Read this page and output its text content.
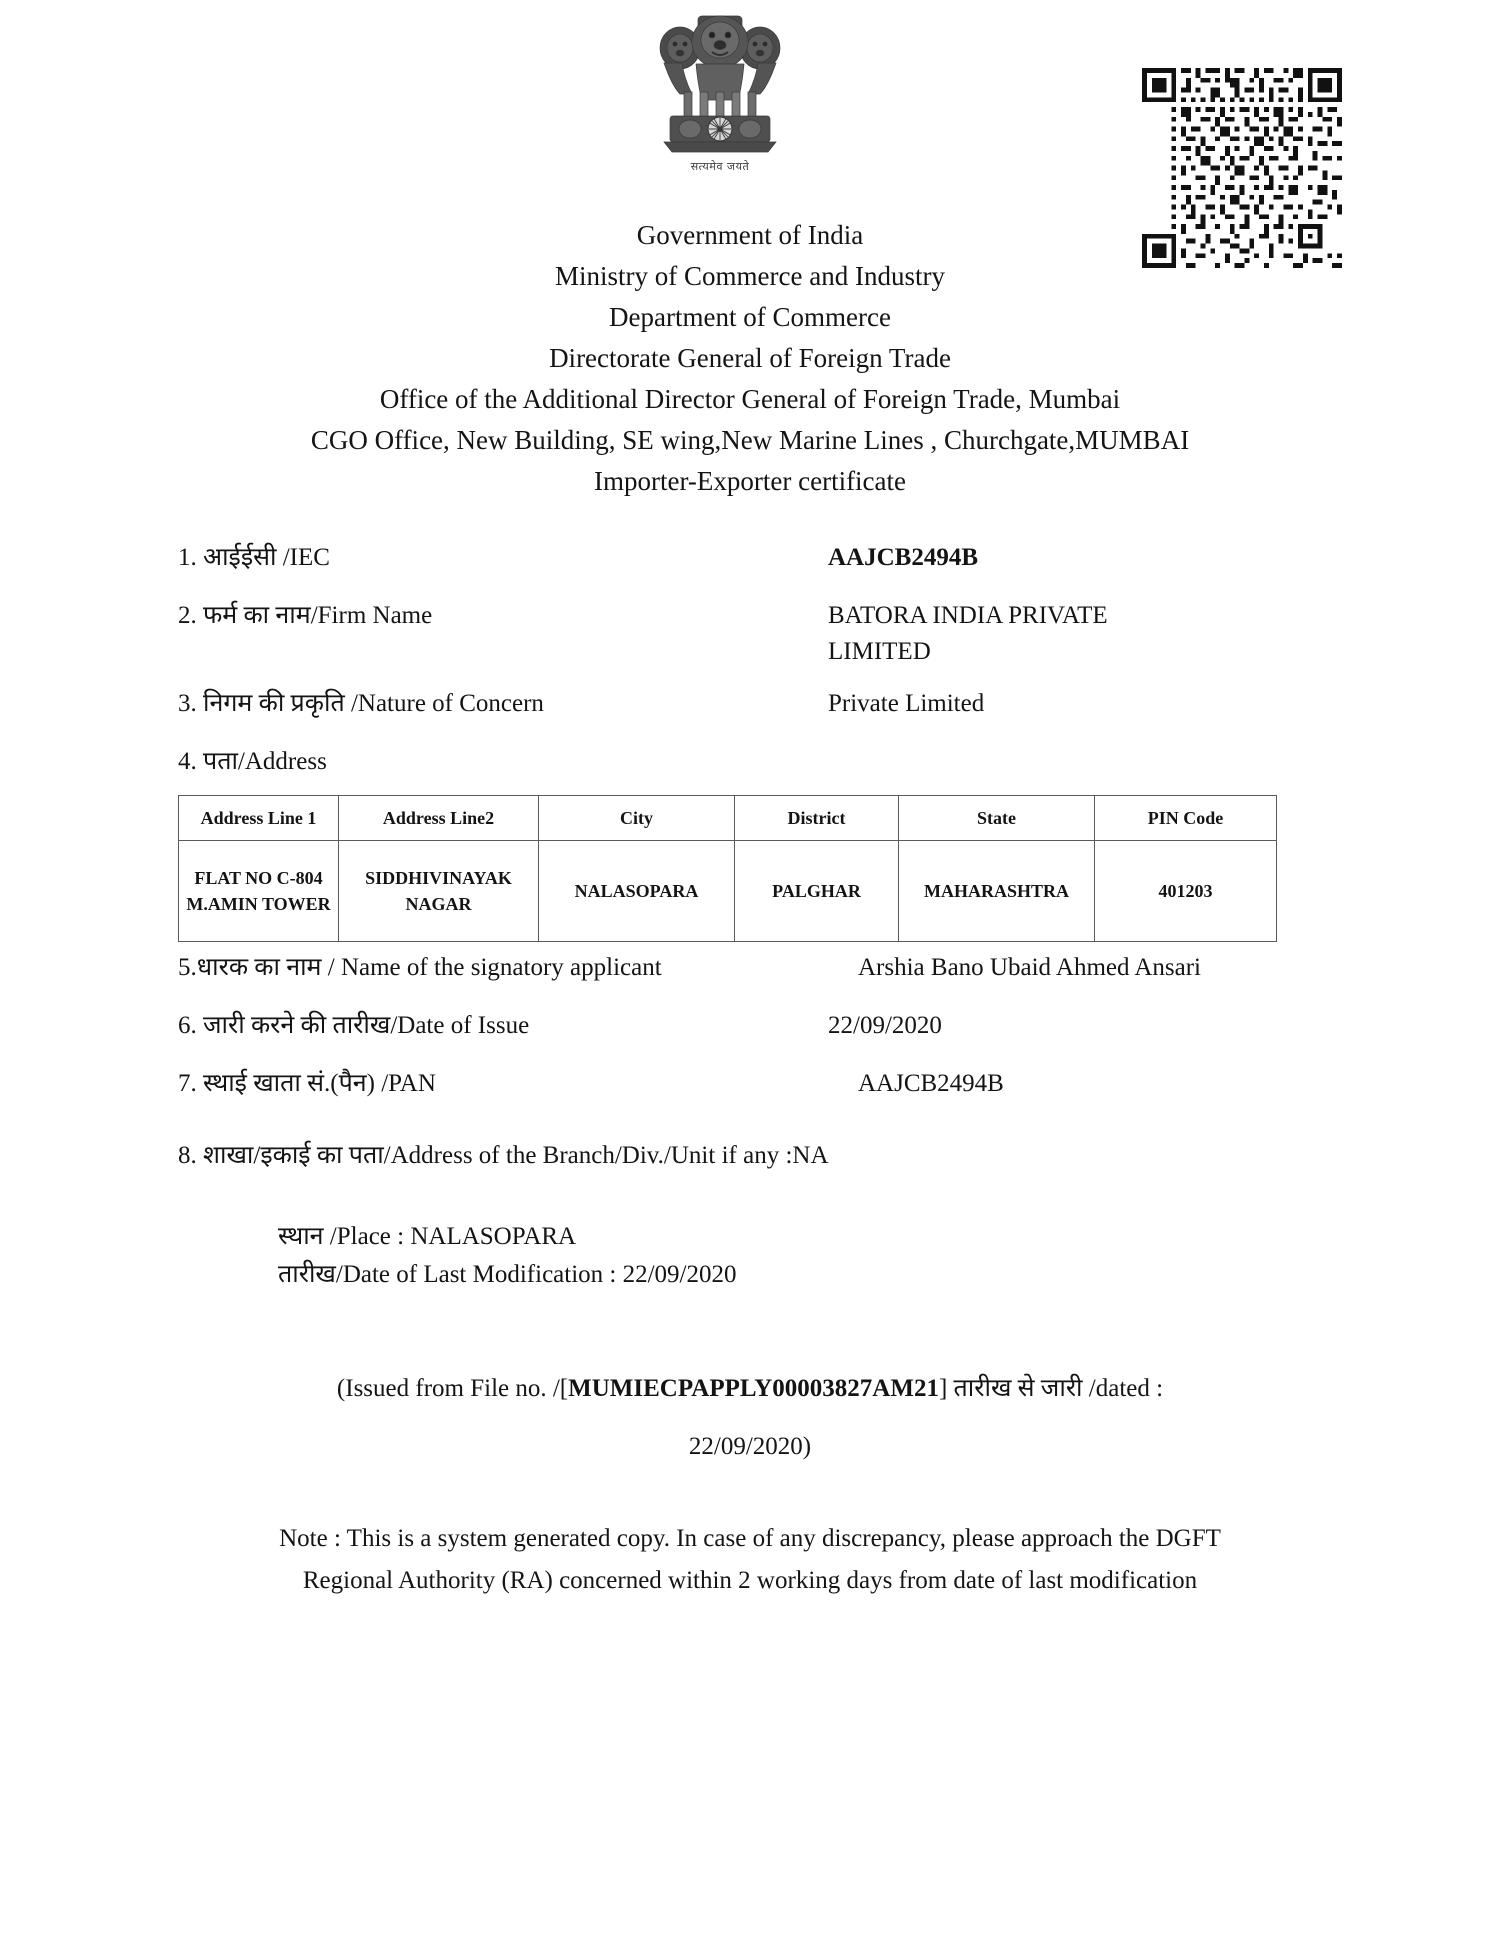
सत्यमेव जयते
Government of India
Ministry of Commerce and Industry
Department of Commerce
Directorate General of Foreign Trade
Office of the Additional Director General of Foreign Trade, Mumbai
CGO Office, New Building, SE wing,New Marine Lines , Churchgate,MUMBAI
Importer-Exporter certificate
1. आईईसी /IEC	AAJCB2494B
2. फर्म का नाम/Firm Name	BATORA INDIA PRIVATE
LIMITED
3. निगम की प्रकृति /Nature of Concern	Private Limited
4. पता/Address
Address Line 1	Address Line2	City	District	State	PIN Code
FLAT NO C-804 M.AMIN TOWER	SIDDHIVINAYAK NAGAR	NALASOPARA	PALGHAR	MAHARASHTRA	401203
5.धारक का नाम / Name of the signatory applicant	Arshia Bano Ubaid Ahmed Ansari
6. जारी करने की तारीख/Date of Issue	22/09/2020
7. स्थाई खाता सं.(पैन) /PAN	AAJCB2494B
8. शाखा/इकाई का पता/Address of the Branch/Div./Unit if any :NA
स्थान /Place : NALASOPARA
तारीख/Date of Last Modification : 22/09/2020
(Issued from File no. /[MUMIECPAPPLY00003827AM21] तारीख से जारी /dated :
22/09/2020)
Note : This is a system generated copy. In case of any discrepancy, please approach the DGFT
Regional Authority (RA) concerned within 2 working days from date of last modification
